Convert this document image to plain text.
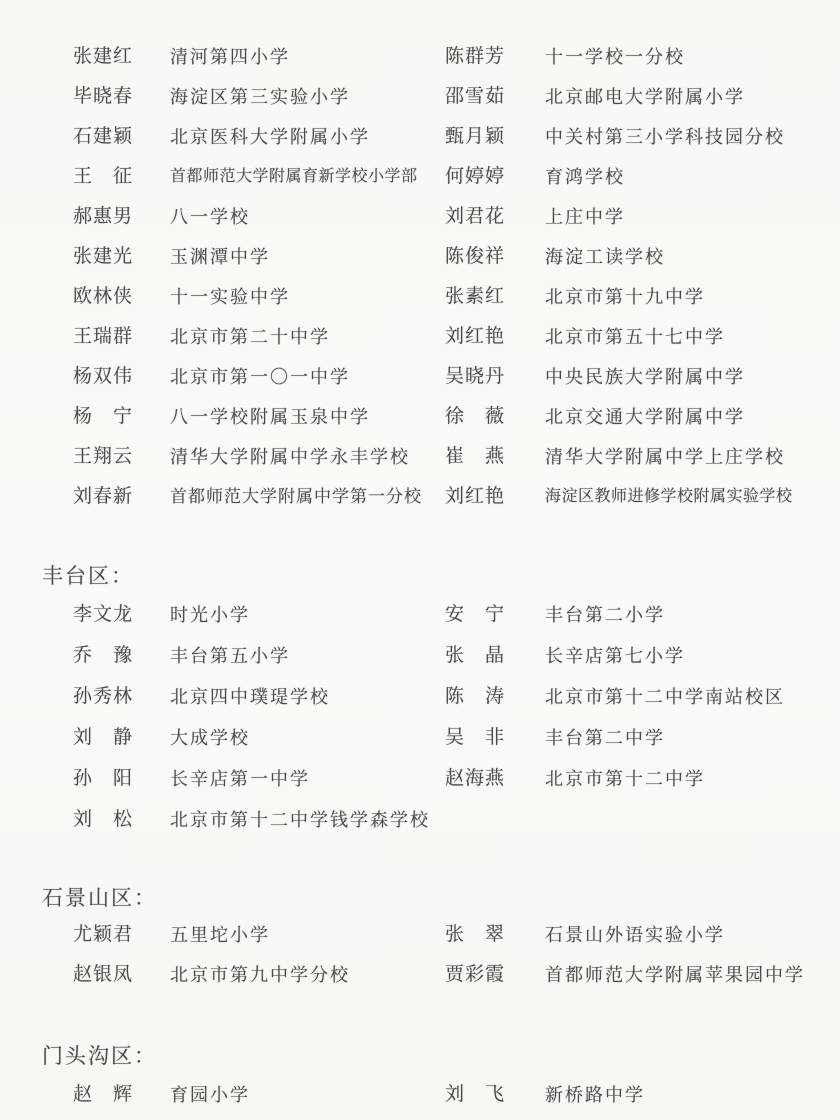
张建红	清河第四小学	陈群芳	十一学校一分校
毕晓春	海淀区第三实验小学	邵雪茹	北京邮电大学附属小学
石建颖	北京医科大学附属小学	甄月颖	中关村第三小学科技园分校
王　征	首都师范大学附属育新学校小学部	何婷婷	育鸿学校
郝惠男	八一学校	刘君花	上庄中学
张建光	玉渊潭中学	陈俊祥	海淀工读学校
欧林侠	十一实验中学	张素红	北京市第十九中学
王瑞群	北京市第二十中学	刘红艳	北京市第五十七中学
杨双伟	北京市第一〇一中学	吴晓丹	中央民族大学附属中学
杨　宁	八一学校附属玉泉中学	徐　薇	北京交通大学附属中学
王翔云	清华大学附属中学永丰学校	崔　燕	清华大学附属中学上庄学校
刘春新	首都师范大学附属中学第一分校	刘红艳	海淀区教师进修学校附属实验学校
丰台区：
李文龙	时光小学	安　宁	丰台第二小学
乔　豫	丰台第五小学	张　晶	长辛店第七小学
孙秀林	北京四中璞瑅学校	陈　涛	北京市第十二中学南站校区
刘　静	大成学校	吴　非	丰台第二中学
孙　阳	长辛店第一中学	赵海燕	北京市第十二中学
刘　松	北京市第十二中学钱学森学校
石景山区：
尤颖君	五里坨小学	张　翠	石景山外语实验小学
赵银凤	北京市第九中学分校	贾彩霞	首都师范大学附属苹果园中学
门头沟区：
赵　辉	育园小学	刘　飞	新桥路中学
